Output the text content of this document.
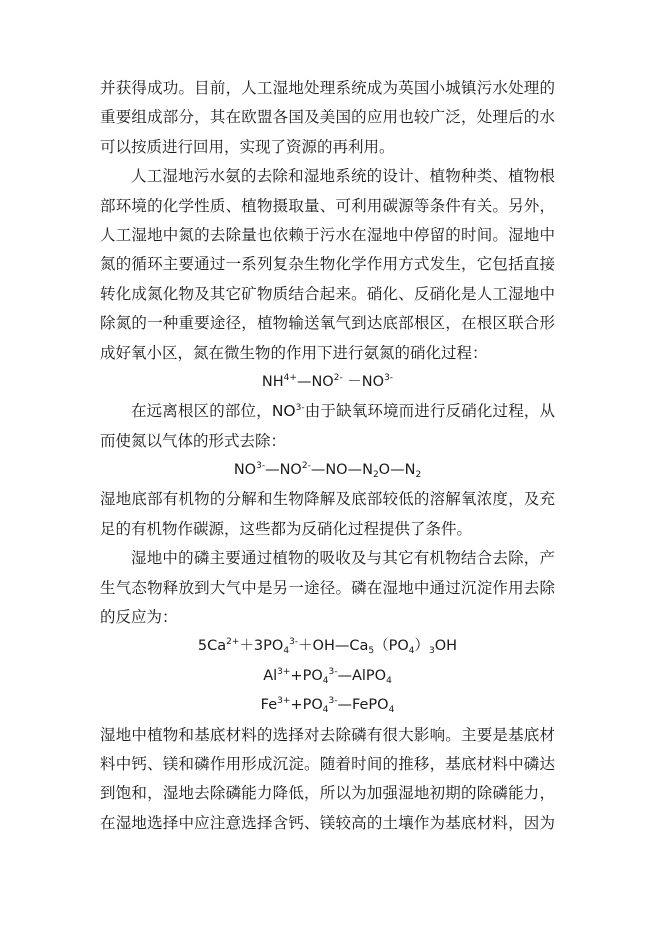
并获得成功。目前，人工湿地处理系统成为英国小城镇污水处理的
重要组成部分，其在欧盟各国及美国的应用也较广泛，处理后的水
可以按质进行回用，实现了资源的再利用。
人工湿地污水氨的去除和湿地系统的设计、植物种类、植物根
部环境的化学性质、植物摄取量、可利用碳源等条件有关。另外，
人工湿地中氮的去除量也依赖于污水在湿地中停留的时间。湿地中
氮的循环主要通过一系列复杂生物化学作用方式发生，它包括直接
转化成氮化物及其它矿物质结合起来。硝化、反硝化是人工湿地中
除氮的一种重要途径，植物输送氧气到达底部根区，在根区联合形
成好氧小区，氮在微生物的作用下进行氨氮的硝化过程：
$NH^{4+}—NO^{2-} -NO^{3-}$
在远离根区的部位，$NO^{3-}$由于缺氧环境而进行反硝化过程，从
而使氮以气体的形式去除：
$NO^{3-}—NO^{2-}—NO—N_2O—N_2$
湿地底部有机物的分解和生物降解及底部较低的溶解氧浓度，及充
足的有机物作碳源，这些都为反硝化过程提供了条件。
湿地中的磷主要通过植物的吸收及与其它有机物结合去除，产
生气态物释放到大气中是另一途径。磷在湿地中通过沉淀作用去除
的反应为：
$5Ca^{2+}+3PO_4^{3-}+OH—Ca_5(PO_4)_3OH$
$Al^{3+}+PO_4^{3-}—AlPO_4$
$Fe^{3+}+PO_4^{3-}—FePO_4$
湿地中植物和基底材料的选择对去除磷有很大影响。主要是基底材
料中钙、镁和磷作用形成沉淀。随着时间的推移，基底材料中磷达
到饱和，湿地去除磷能力降低，所以为加强湿地初期的除磷能力，
在湿地选择中应注意选择含钙、镁较高的土壤作为基底材料，因为
